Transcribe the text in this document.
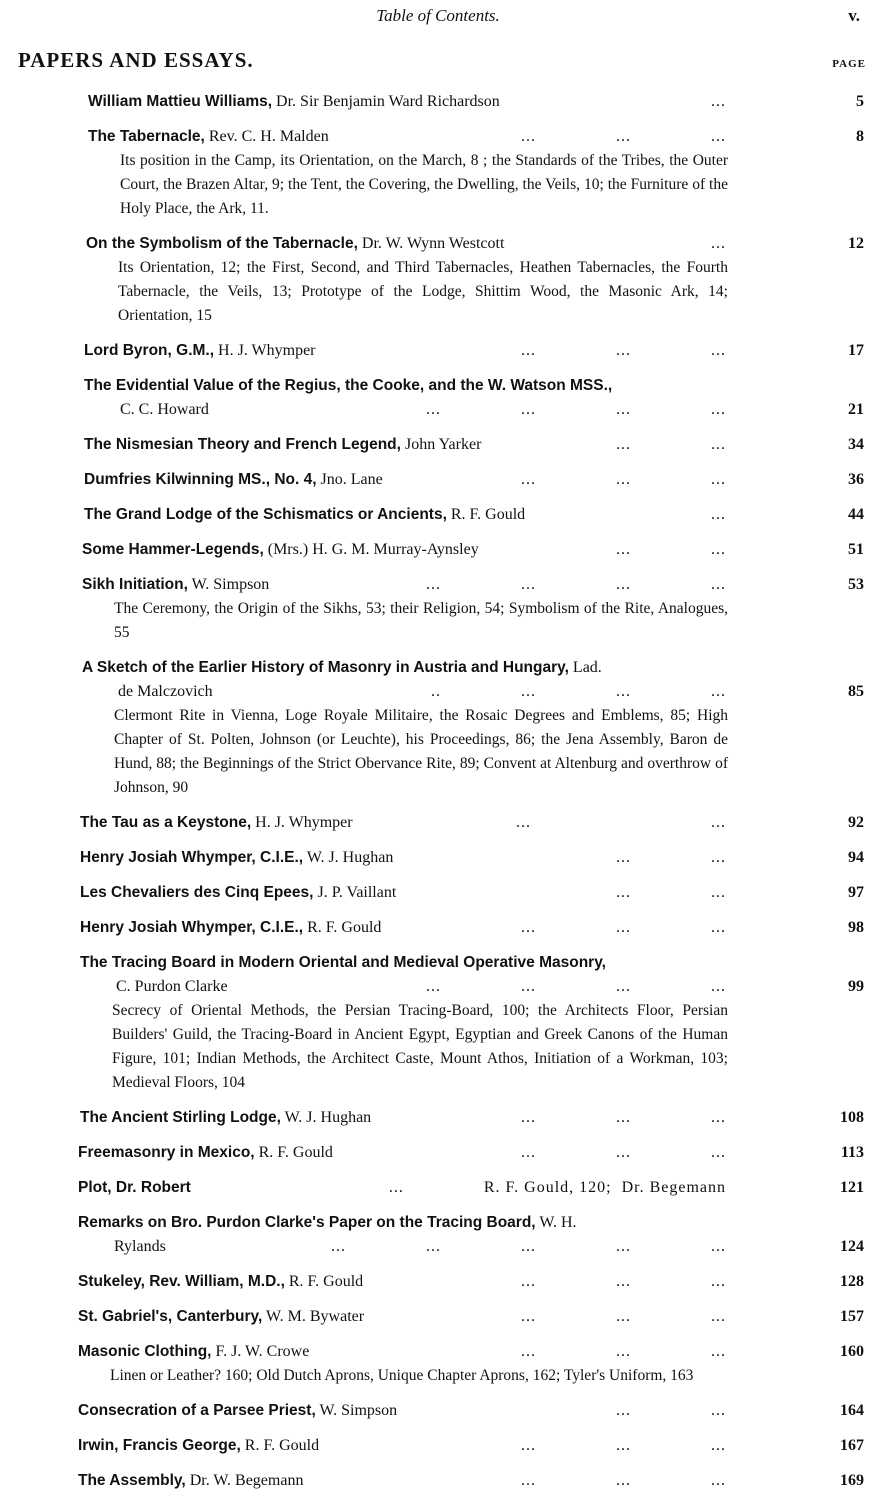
Table of Contents.	v.
PAPERS AND ESSAYS.	PAGE
William Mattieu Williams, Dr. Sir Benjamin Ward Richardson	...	5
The Tabernacle, Rev. C. H. Malden	...                ...                ...	8
Its position in the Camp, its Orientation, on the March, 8 ; the Standards of the Tribes, the Outer Court, the Brazen Altar, 9; the Tent, the Covering, the Dwelling, the Veils, 10; the Furniture of the Holy Place, the Ark, 11.
On the Symbolism of the Tabernacle, Dr. W. Wynn Westcott	...	12
Its Orientation, 12; the First, Second, and Third Tabernacles, Heathen Tabernacles, the Fourth Tabernacle, the Veils, 13; Prototype of the Lodge, Shittim Wood, the Masonic Ark, 14; Orientation, 15
Lord Byron, G.M., H. J. Whymper	...                ...                ...	17
The Evidential Value of the Regius, the Cooke, and the W. Watson MSS.,
C. C. Howard	...                ...                ...                ...	21
The Nismesian Theory and French Legend, John Yarker	...                ...	34
Dumfries Kilwinning MS., No. 4, Jno. Lane	...                ...                ...	36
The Grand Lodge of the Schismatics or Ancients, R. F. Gould	...	44
Some Hammer-Legends, (Mrs.) H. G. M. Murray-Aynsley	...                ...	51
Sikh Initiation, W. Simpson	...                ...                ...                ...	53
The Ceremony, the Origin of the Sikhs, 53; their Religion, 54; Symbolism of the Rite, Analogues, 55
A Sketch of the Earlier History of Masonry in Austria and Hungary, Lad.
de Malczovich	..                ...                ...                ...	85
Clermont Rite in Vienna, Loge Royale Militaire, the Rosaic Degrees and Emblems, 85; High Chapter of St. Polten, Johnson (or Leuchte), his Proceedings, 86; the Jena Assembly, Baron de Hund, 88; the Beginnings of the Strict Obervance Rite, 89; Convent at Altenburg and overthrow of Johnson, 90
The Tau as a Keystone, H. J. Whymper	...                                    ...	92
Henry Josiah Whymper, C.I.E., W. J. Hughan	...                ...	94
Les Chevaliers des Cinq Epees, J. P. Vaillant	...                ...	97
Henry Josiah Whymper, C.I.E., R. F. Gould	...                ...                ...	98
The Tracing Board in Modern Oriental and Medieval Operative Masonry,
C. Purdon Clarke	...                ...                ...                ...	99
Secrecy of Oriental Methods, the Persian Tracing-Board, 100; the Architects Floor, Persian Builders' Guild, the Tracing-Board in Ancient Egypt, Egyptian and Greek Canons of the Human Figure, 101; Indian Methods, the Architect Caste, Mount Athos, Initiation of a Workman, 103; Medieval Floors, 104
The Ancient Stirling Lodge, W. J. Hughan	...                ...                ...	108
Freemasonry in Mexico, R. F. Gould	...                ...                ...	113
Plot, Dr. Robert	...                R. F. Gould, 120;  Dr. Begemann	121
Remarks on Bro. Purdon Clarke's Paper on the Tracing Board, W. H.
Rylands	...                ...                ...                ...                ...	124
Stukeley, Rev. William, M.D., R. F. Gould	...                ...                ...	128
St. Gabriel's, Canterbury, W. M. Bywater	...                ...                ...	157
Masonic Clothing, F. J. W. Crowe	...                ...                ...	160
Linen or Leather? 160; Old Dutch Aprons, Unique Chapter Aprons, 162; Tyler's Uniform, 163
Consecration of a Parsee Priest, W. Simpson	...                ...	164
Irwin, Francis George, R. F. Gould	...                ...                ...	167
The Assembly, Dr. W. Begemann	...                ...                ...	169
